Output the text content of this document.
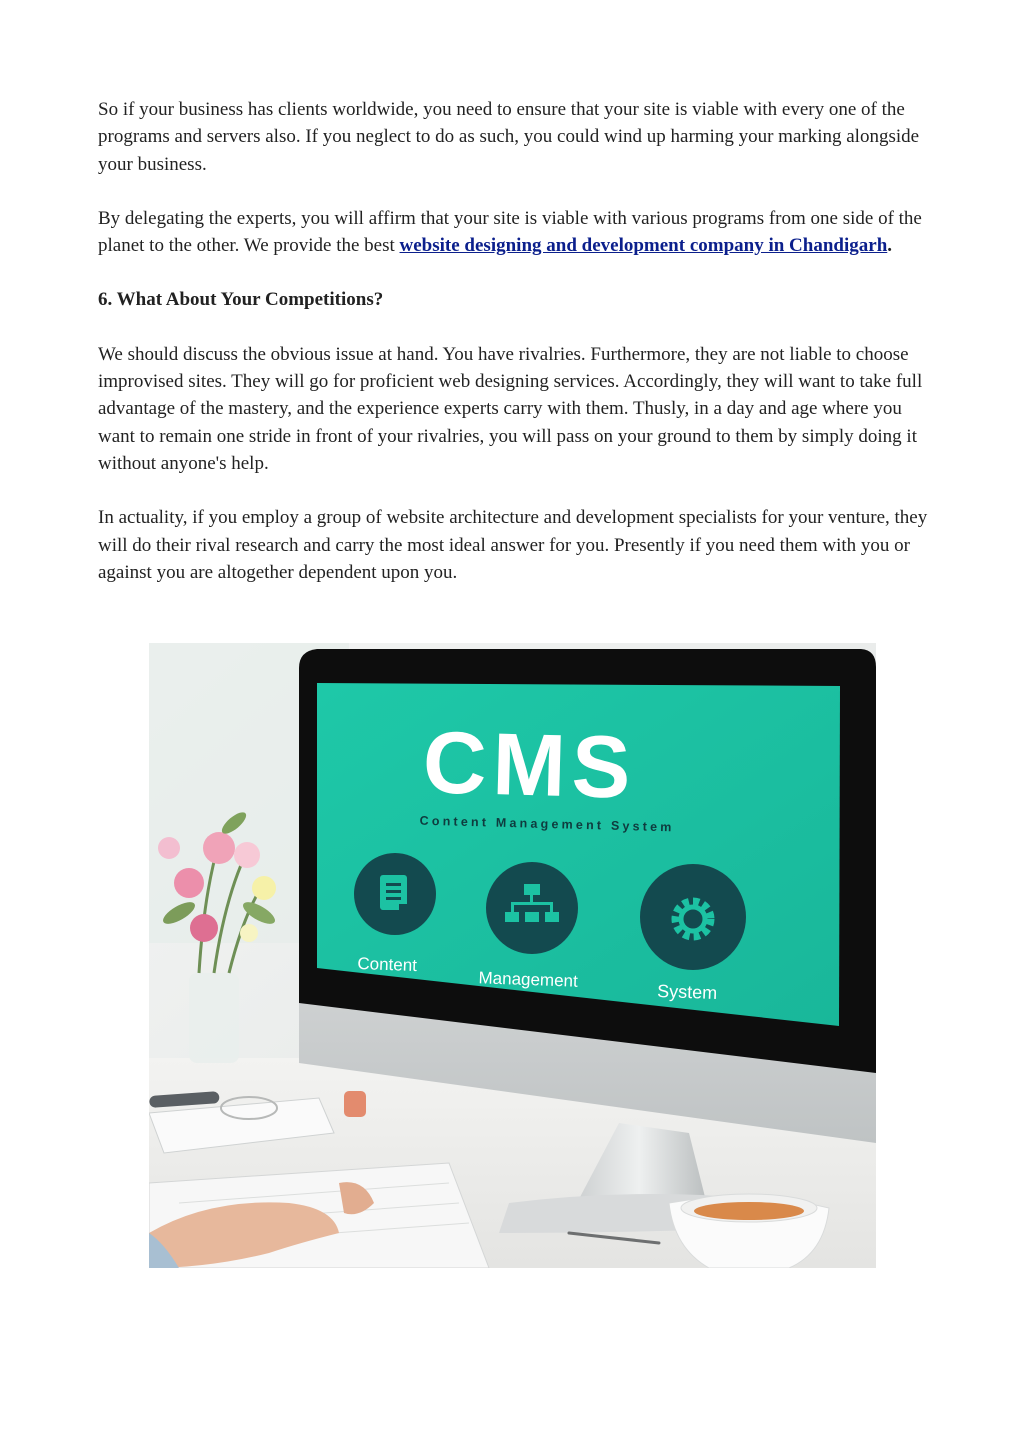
So if your business has clients worldwide, you need to ensure that your site is viable with every one of the programs and servers also. If you neglect to do as such, you could wind up harming your marking alongside your business.

By delegating the experts, you will affirm that your site is viable with various programs from one side of the planet to the other. We provide the best website designing and development company in Chandigarh.

6. What About Your Competitions?

We should discuss the obvious issue at hand. You have rivalries. Furthermore, they are not liable to choose improvised sites. They will go for proficient web designing services. Accordingly, they will want to take full advantage of the mastery, and the experience experts carry with them. Thusly, in a day and age where you want to remain one stride in front of your rivalries, you will pass on your ground to them by simply doing it without anyone's help.

In actuality, if you employ a group of website architecture and development specialists for your venture, they will do their rival research and carry the most ideal answer for you. Presently if you need them with you or against you are altogether dependent upon you.

CMS
Content Management System
Content
Management
System
